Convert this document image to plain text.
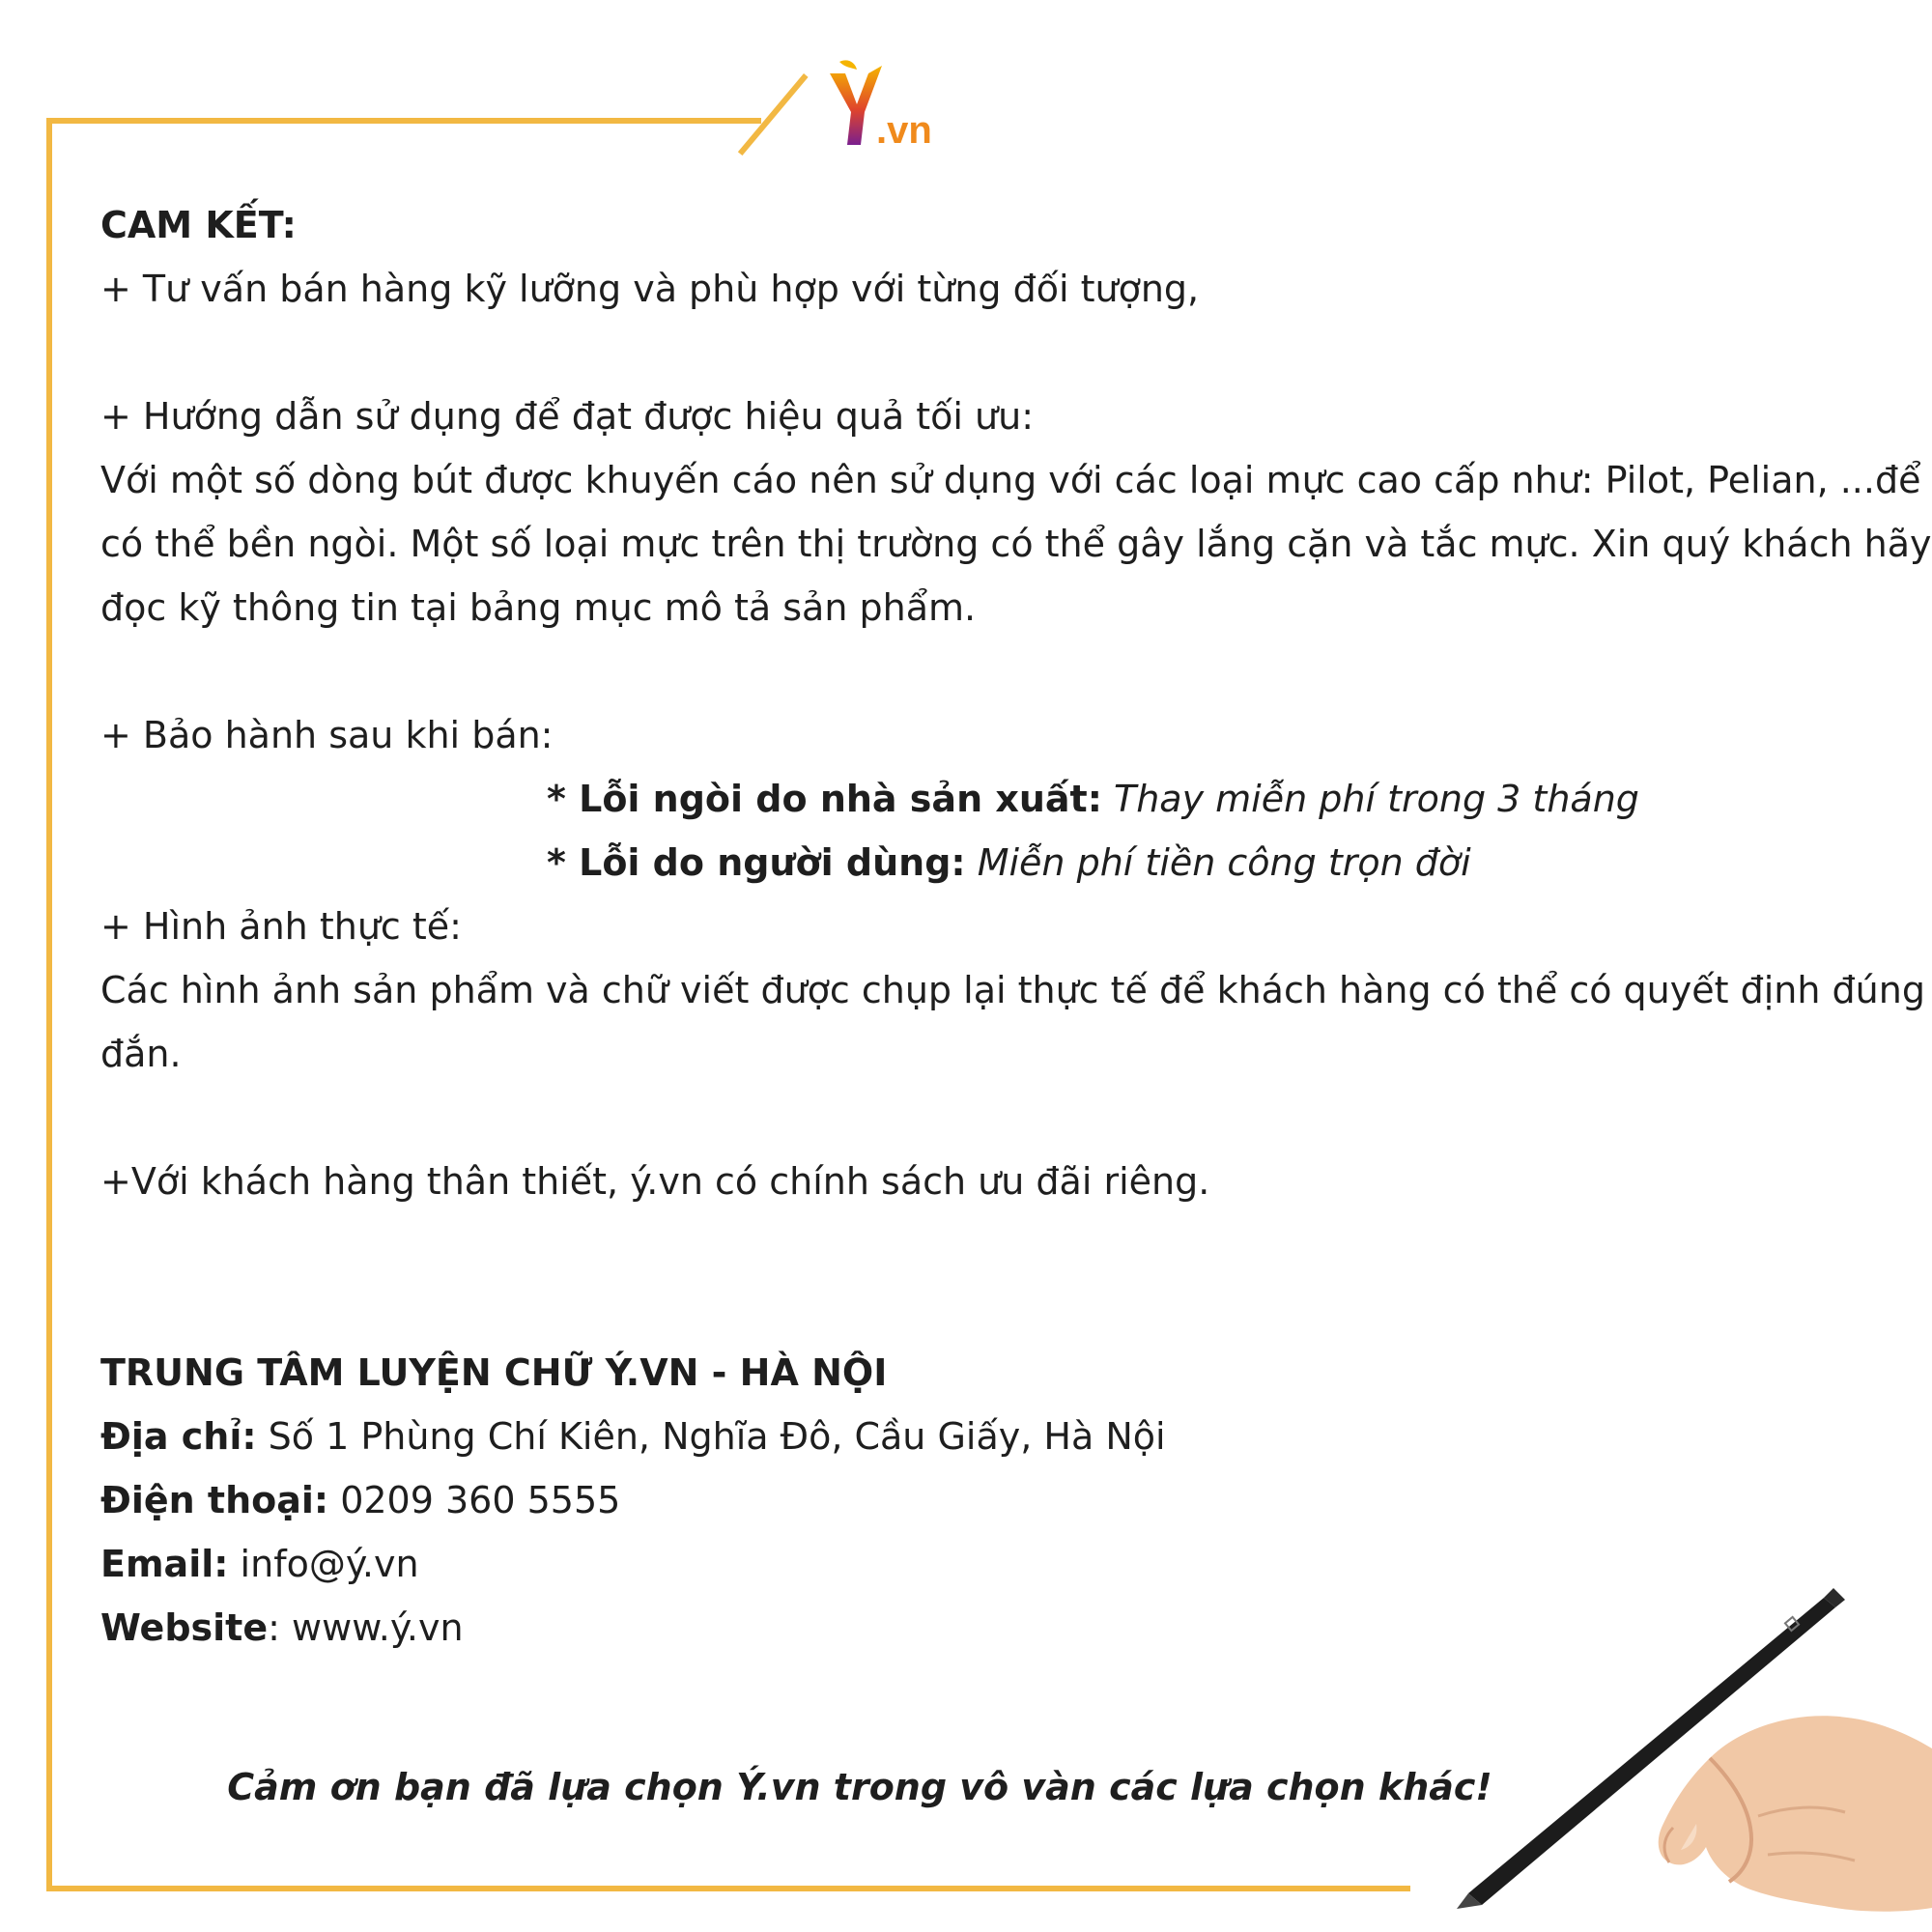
.vn

CAM KẾT:

+ Tư vấn bán hàng kỹ lưỡng và phù hợp với từng đối tượng,

+ Hướng dẫn sử dụng để đạt được hiệu quả tối ưu:

Với một số dòng bút được khuyến cáo nên sử dụng với các loại mực cao cấp như: Pilot, Pelian, ...để

có thể bền ngòi. Một số loại mực trên thị trường có thể gây lắng cặn và tắc mực. Xin quý khách hãy

đọc kỹ thông tin tại bảng mục mô tả sản phẩm.

+ Bảo hành sau khi bán:

* Lỗi ngòi do nhà sản xuất: Thay miễn phí trong 3 tháng

* Lỗi do người dùng: Miễn phí tiền công trọn đời

+ Hình ảnh thực tế:

Các hình ảnh sản phẩm và chữ viết được chụp lại thực tế để khách hàng có thể có quyết định đúng

đắn.

+Với khách hàng thân thiết, ý.vn có chính sách ưu đãi riêng.

TRUNG TÂM LUYỆN CHỮ Ý.VN - HÀ NỘI

Địa chỉ: Số 1 Phùng Chí Kiên, Nghĩa Đô, Cầu Giấy, Hà Nội

Điện thoại: 0209 360 5555

Email: info@ý.vn

Website: www.ý.vn

Cảm ơn bạn đã lựa chọn Ý.vn trong vô vàn các lựa chọn khác!
